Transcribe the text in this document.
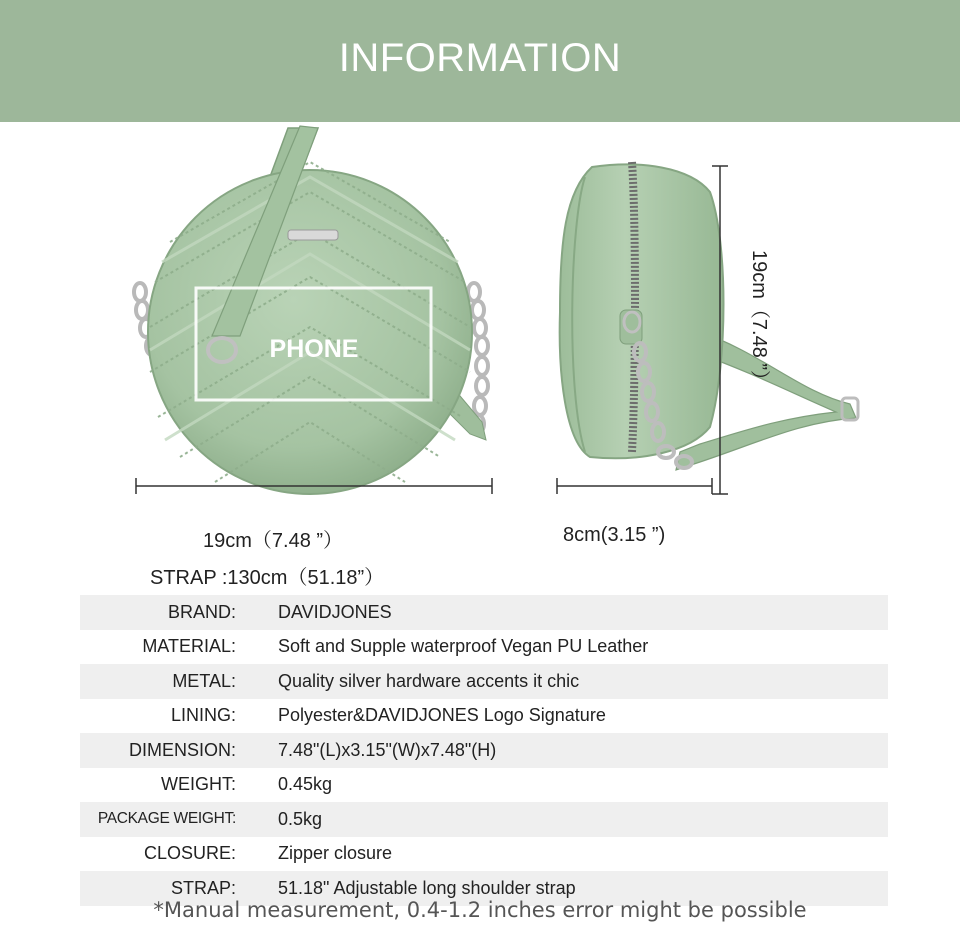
INFORMATION
PHONE	19cm（7.48 ”）
19cm（7.48 ”）	8cm(3.15 ”)
STRAP :130cm（51.18”）
BRAND:	DAVIDJONES
MATERIAL:	Soft and Supple waterproof Vegan PU Leather
METAL:	Quality silver hardware accents it chic
LINING:	Polyester&DAVIDJONES Logo Signature
DIMENSION:	7.48"(L)x3.15"(W)x7.48"(H)
WEIGHT:	0.45kg
PACKAGE WEIGHT:	0.5kg
CLOSURE:	Zipper closure
STRAP:	51.18" Adjustable long shoulder strap
*Manual measurement, 0.4-1.2 inches error might be possible
